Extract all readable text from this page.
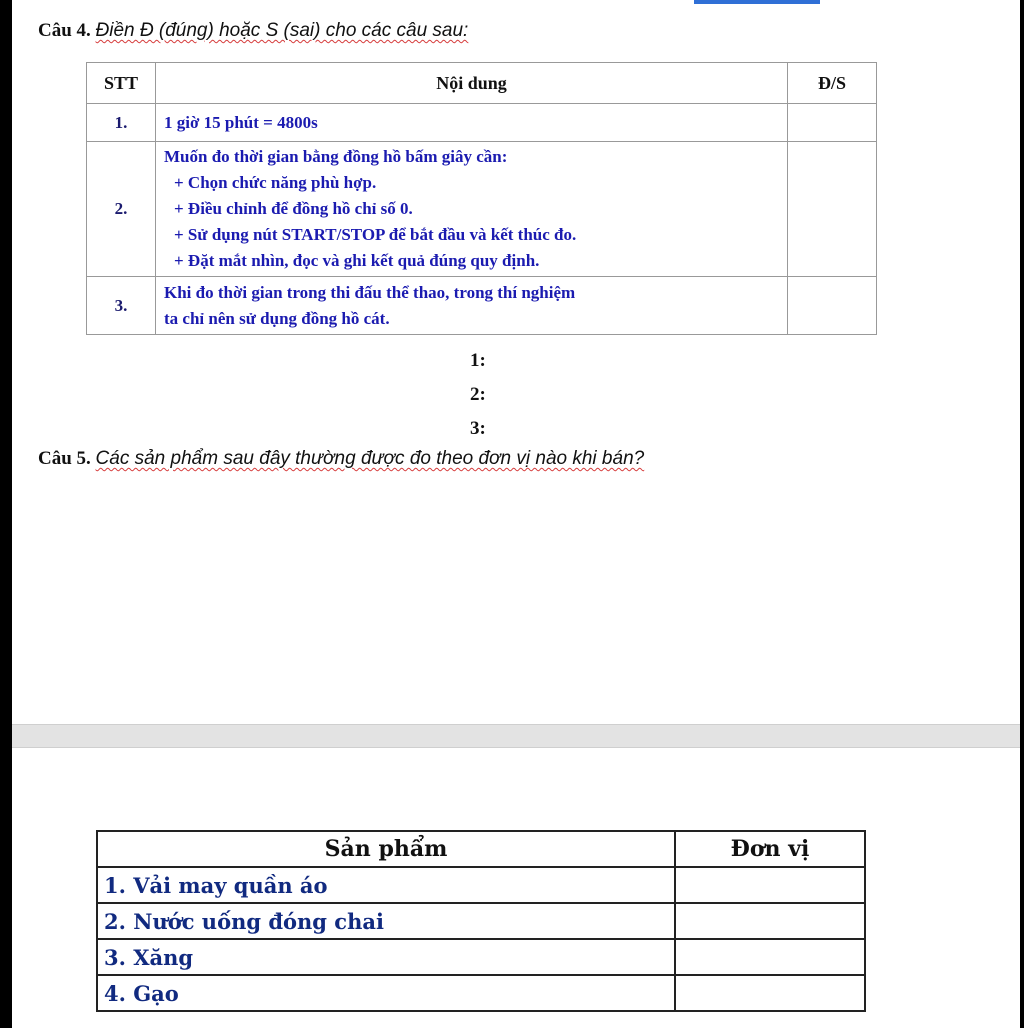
Câu 4. Điền Đ (đúng) hoặc S (sai) cho các câu sau:
STT	Nội dung	Đ/S
1.	1 giờ 15 phút = 4800s	

2.	Muốn đo thời gian bằng đồng hồ bấm giây cần:
+ Chọn chức năng phù hợp.
+ Điều chỉnh để đồng hồ chỉ số 0.
+ Sử dụng nút START/STOP để bắt đầu và kết thúc đo.
+ Đặt mắt nhìn, đọc và ghi kết quả đúng quy định.	

3.	Khi đo thời gian trong thi đấu thể thao, trong thí nghiệm
ta chỉ nên sử dụng đồng hồ cát.	

1:
2:
3:
Câu 5. Các sản phẩm sau đây thường được đo theo đơn vị nào khi bán?
Sản phẩm	Đơn vị
1. Vải may quần áo	
2. Nước uống đóng chai	
3. Xăng	
4. Gạo	
